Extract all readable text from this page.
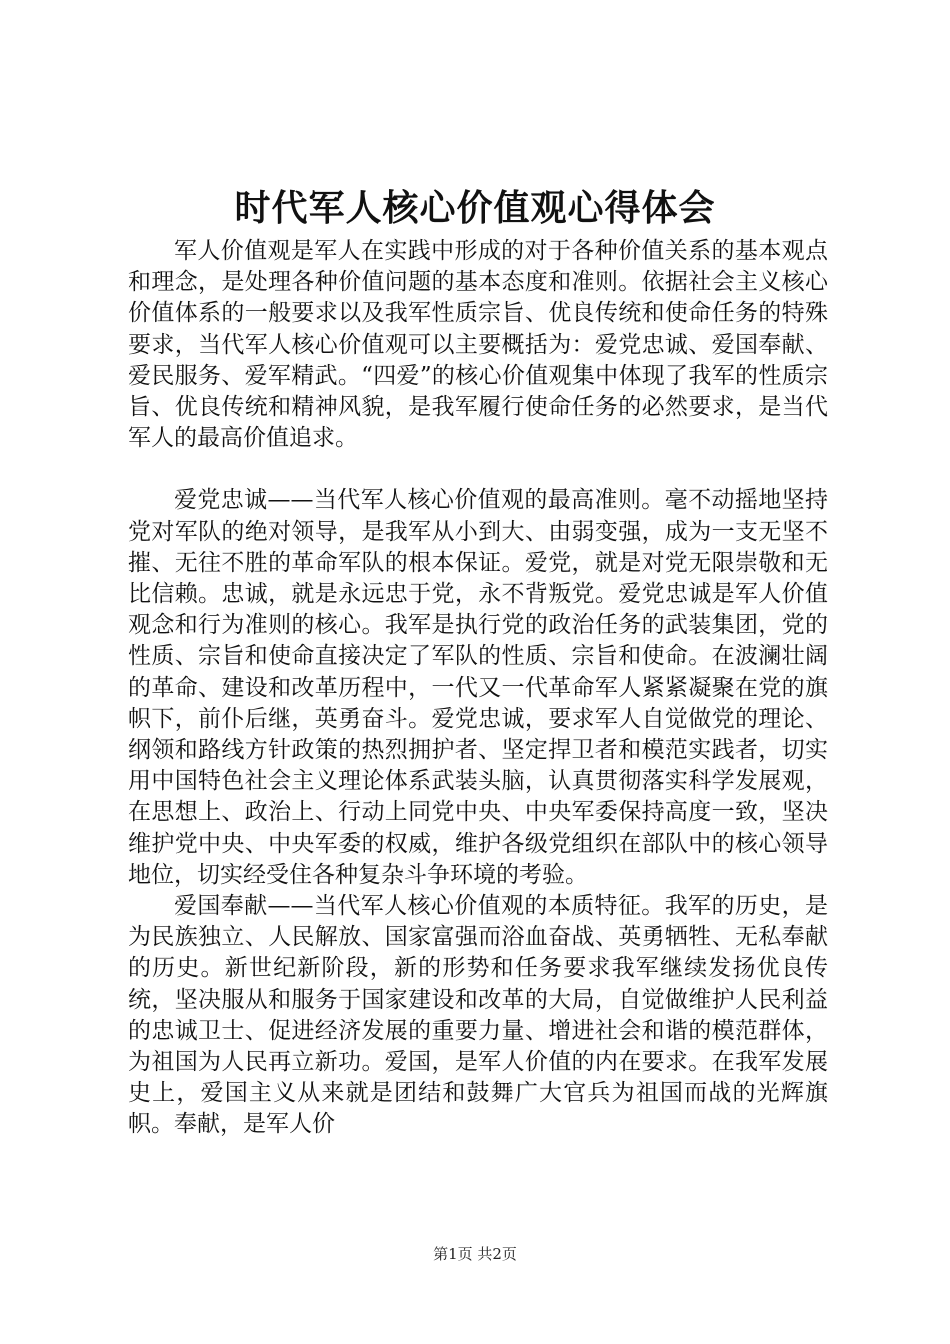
时代军人核心价值观心得体会

军人价值观是军人在实践中形成的对于各种价值关系的基本观点和理念，是处理各种价值问题的基本态度和准则。依据社会主义核心价值体系的一般要求以及我军性质宗旨、优良传统和使命任务的特殊要求，当代军人核心价值观可以主要概括为：爱党忠诚、爱国奉献、爱民服务、爱军精武。“四爱”的核心价值观集中体现了我军的性质宗旨、优良传统和精神风貌，是我军履行使命任务的必然要求，是当代军人的最高价值追求。

爱党忠诚——当代军人核心价值观的最高准则。毫不动摇地坚持党对军队的绝对领导，是我军从小到大、由弱变强，成为一支无坚不摧、无往不胜的革命军队的根本保证。爱党，就是对党无限崇敬和无比信赖。忠诚，就是永远忠于党，永不背叛党。爱党忠诚是军人价值观念和行为准则的核心。我军是执行党的政治任务的武装集团，党的性质、宗旨和使命直接决定了军队的性质、宗旨和使命。在波澜壮阔的革命、建设和改革历程中，一代又一代革命军人紧紧凝聚在党的旗帜下，前仆后继，英勇奋斗。爱党忠诚，要求军人自觉做党的理论、纲领和路线方针政策的热烈拥护者、坚定捍卫者和模范实践者，切实用中国特色社会主义理论体系武装头脑，认真贯彻落实科学发展观，在思想上、政治上、行动上同党中央、中央军委保持高度一致，坚决维护党中央、中央军委的权威，维护各级党组织在部队中的核心领导地位，切实经受住各种复杂斗争环境的考验。

爱国奉献——当代军人核心价值观的本质特征。我军的历史，是为民族独立、人民解放、国家富强而浴血奋战、英勇牺牲、无私奉献的历史。新世纪新阶段，新的形势和任务要求我军继续发扬优良传统，坚决服从和服务于国家建设和改革的大局，自觉做维护人民利益的忠诚卫士、促进经济发展的重要力量、增进社会和谐的模范群体，为祖国为人民再立新功。爱国，是军人价值的内在要求。在我军发展史上，爱国主义从来就是团结和鼓舞广大官兵为祖国而战的光辉旗帜。奉献，是军人价

第1页 共2页
